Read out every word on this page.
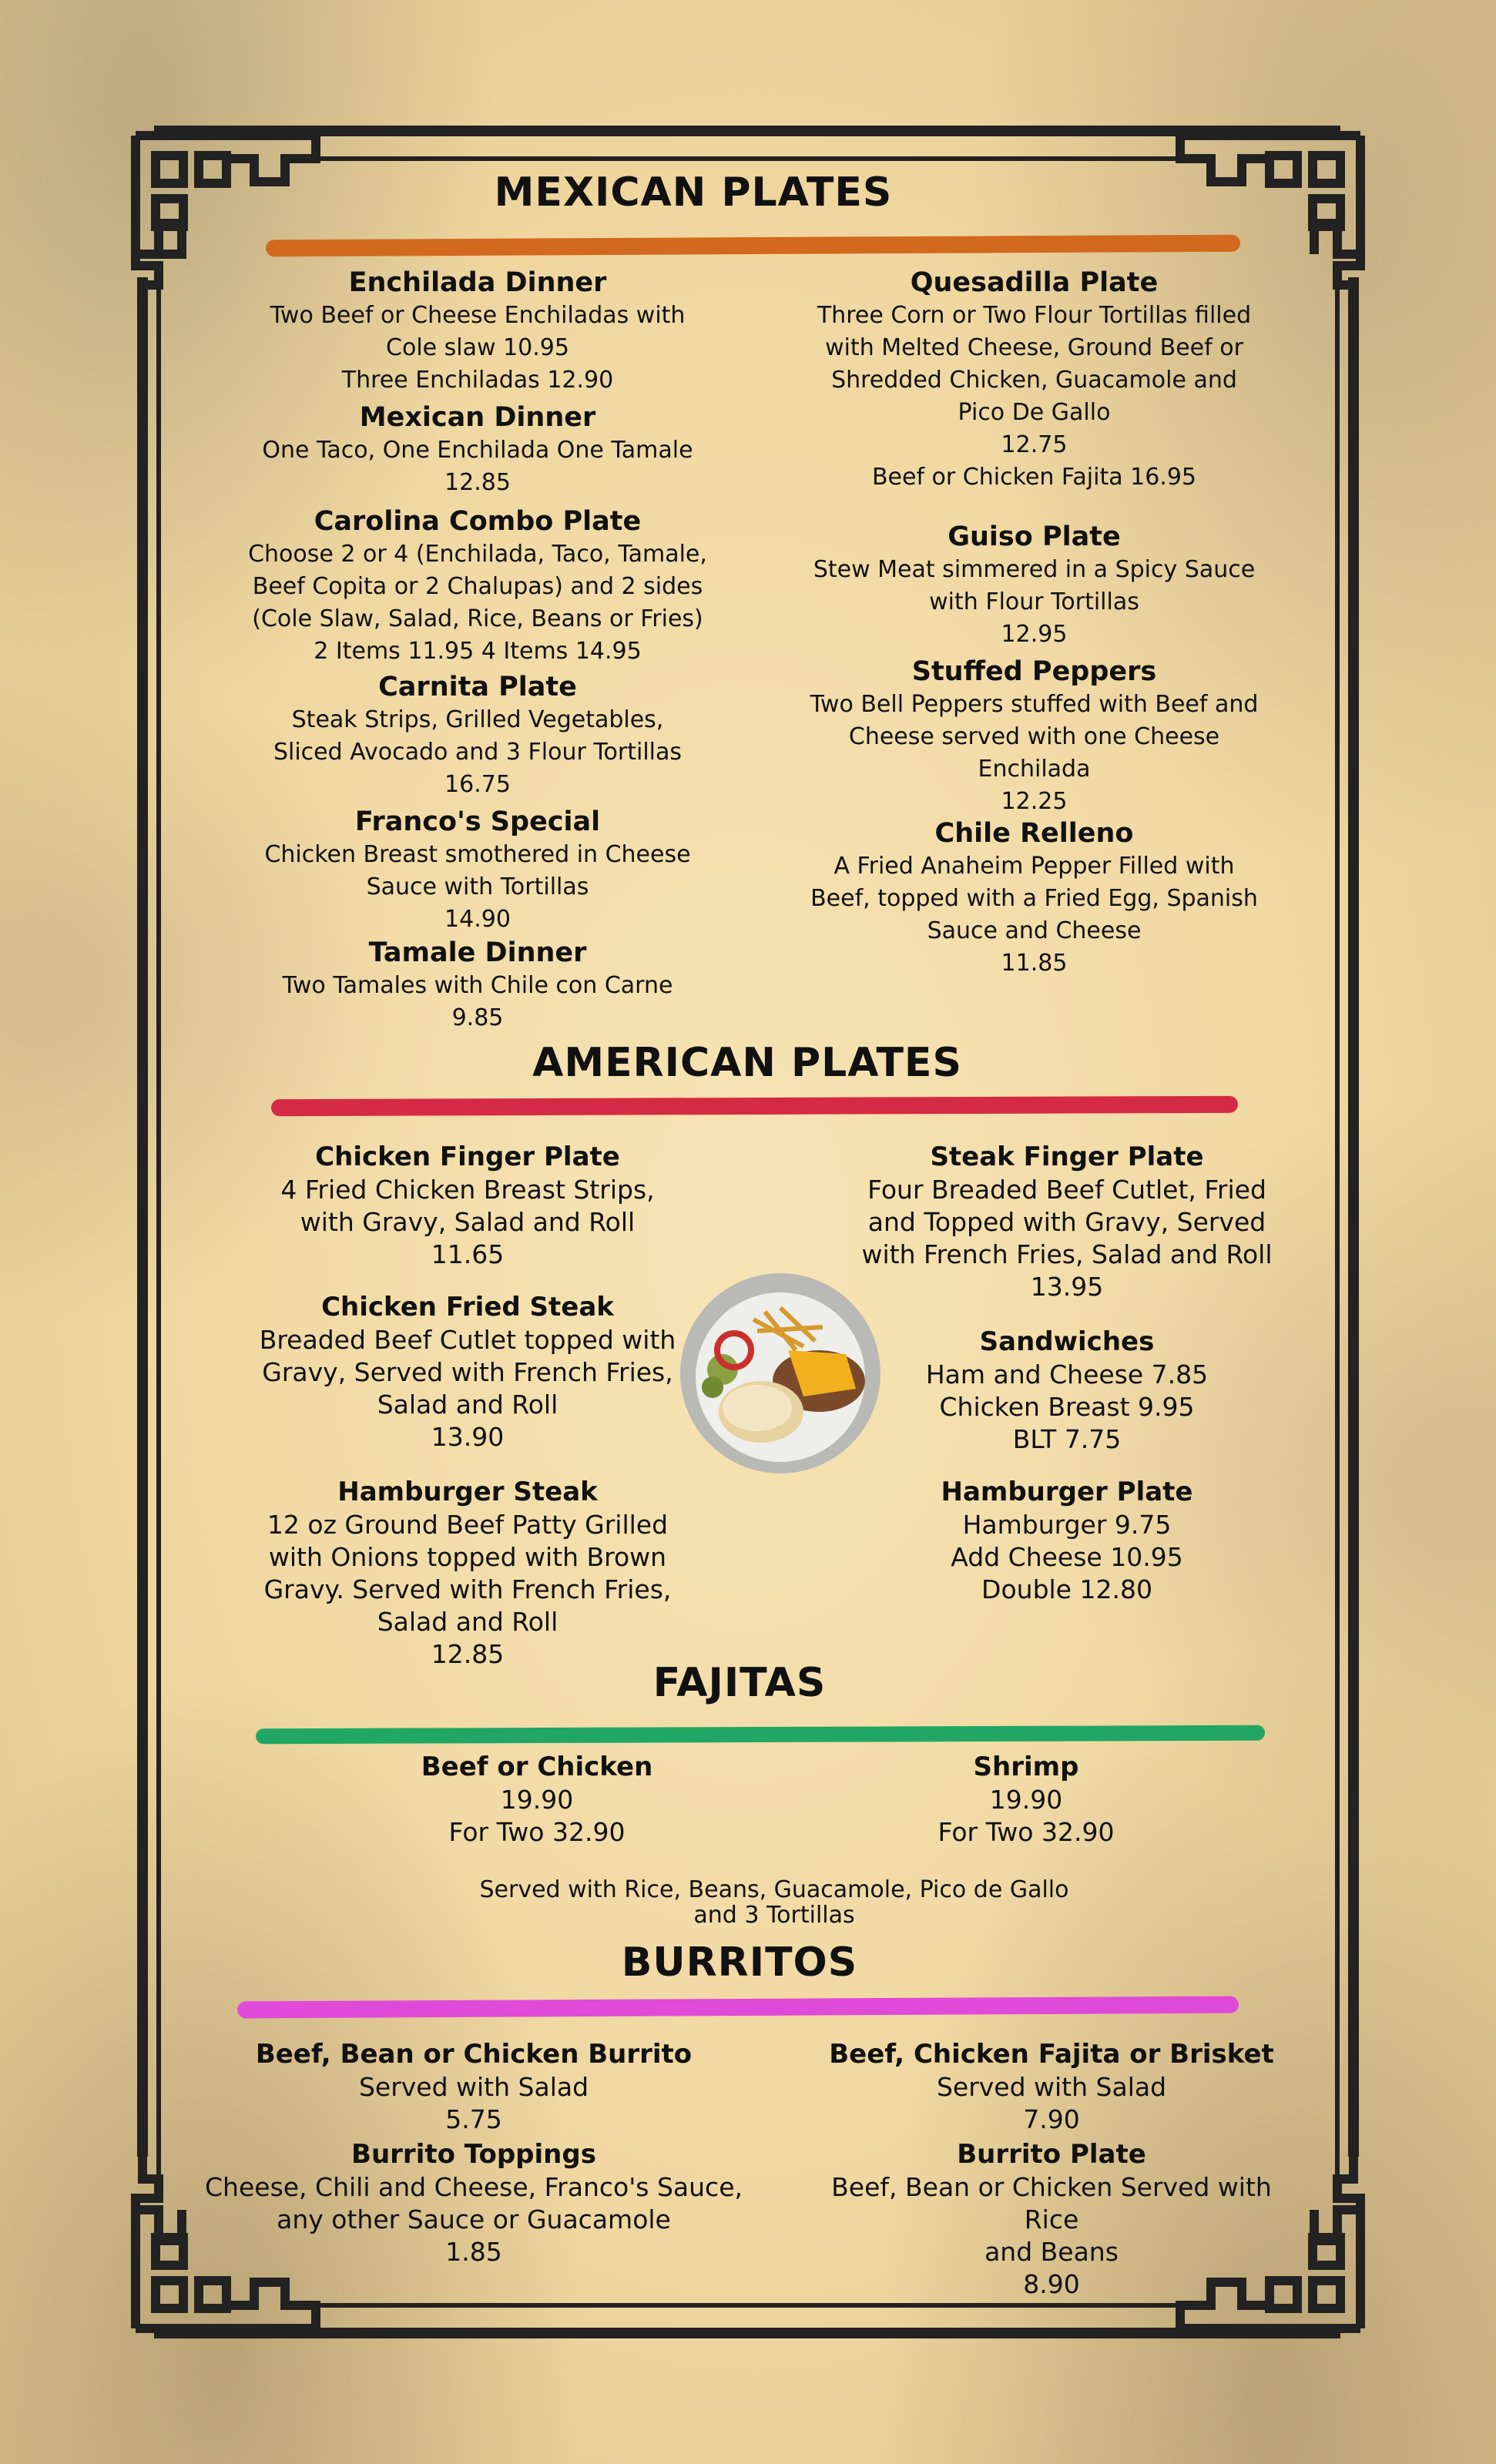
MEXICAN PLATES
AMERICAN PLATES
FAJITAS
Served with Rice, Beans, Guacamole, Pico de Gallo
and 3 Tortillas
BURRITOS
Enchilada Dinner
Two Beef or Cheese Enchiladas with
Cole slaw 10.95
Three Enchiladas 12.90
Mexican Dinner
One Taco, One Enchilada One Tamale
12.85
Carolina Combo Plate
Choose 2 or 4 (Enchilada, Taco, Tamale,
Beef Copita or 2 Chalupas) and 2 sides
(Cole Slaw, Salad, Rice, Beans or Fries)
2 Items 11.95 4 Items 14.95
Carnita Plate
Steak Strips, Grilled Vegetables,
Sliced Avocado and 3 Flour Tortillas
16.75
Franco's Special
Chicken Breast smothered in Cheese
Sauce with Tortillas
14.90
Tamale Dinner
Two Tamales with Chile con Carne
9.85
Quesadilla Plate
Three Corn or Two Flour Tortillas filled
with Melted Cheese, Ground Beef or
Shredded Chicken, Guacamole and
Pico De Gallo
12.75
Beef or Chicken Fajita 16.95
Guiso Plate
Stew Meat simmered in a Spicy Sauce
with Flour Tortillas
12.95
Stuffed Peppers
Two Bell Peppers stuffed with Beef and
Cheese served with one Cheese
Enchilada
12.25
Chile Relleno
A Fried Anaheim Pepper Filled with
Beef, topped with a Fried Egg, Spanish
Sauce and Cheese
11.85
Chicken Finger Plate
4 Fried Chicken Breast Strips,
with Gravy, Salad and Roll
11.65
Chicken Fried Steak
Breaded Beef Cutlet topped with
Gravy, Served with French Fries,
Salad and Roll
13.90
Hamburger Steak
12 oz Ground Beef Patty Grilled
with Onions topped with Brown
Gravy. Served with French Fries,
Salad and Roll
12.85
Steak Finger Plate
Four Breaded Beef Cutlet, Fried
and Topped with Gravy, Served
with French Fries, Salad and Roll
13.95
Sandwiches
Ham and Cheese 7.85
Chicken Breast 9.95
BLT 7.75
Hamburger Plate
Hamburger 9.75
Add Cheese 10.95
Double 12.80
Beef or Chicken
19.90
For Two 32.90
Shrimp
19.90
For Two 32.90
Beef, Bean or Chicken Burrito
Served with Salad
5.75
Burrito Toppings
Cheese, Chili and Cheese, Franco's Sauce,
any other Sauce or Guacamole
1.85
Beef, Chicken Fajita or Brisket
Served with Salad
7.90
Burrito Plate
Beef, Bean or Chicken Served with Rice
and Beans
8.90
